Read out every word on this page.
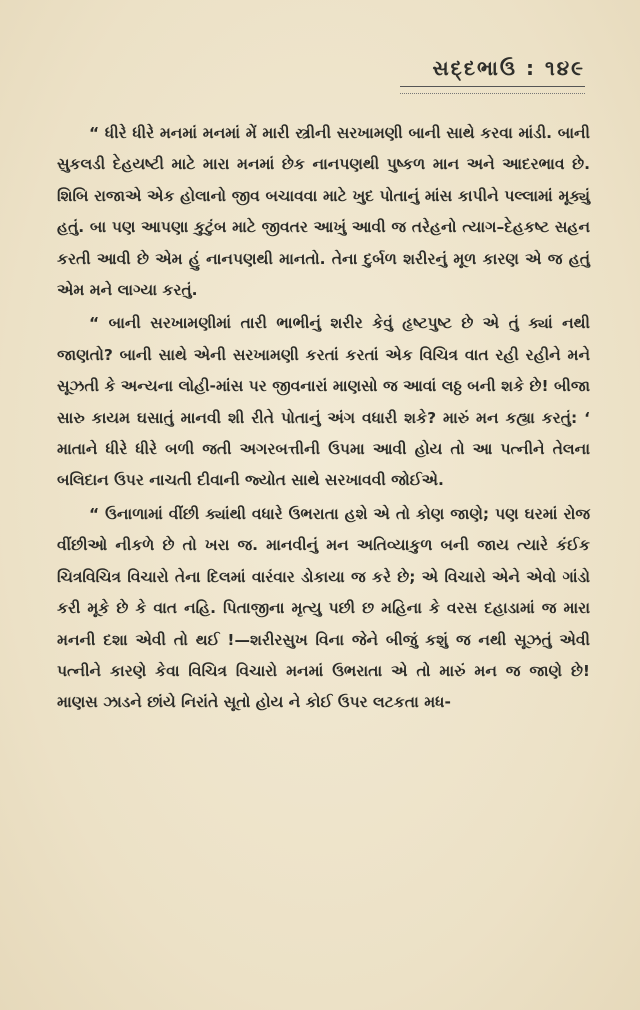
સદ્દભાઉ : ૧૪૯

“ ધીરે ધીરે મનમાં મનમાં મેં મારી સ્ત્રીની સરખામણી બાની સાથે કરવા માંડી. બાની સુકલડી દેહયષ્ટી માટે મારા મનમાં છેક નાનપણથી પુષ્કળ માન અને આદરભાવ છે. શિબિ રાજાએ એક હોલાનો જીવ બચાવવા માટે ખુદ પોતાનું માંસ કાપીને પલ્લામાં મૂક્યું હતું. બા પણ આપણા કુટુંબ માટે જીવતર આખું આવી જ તરેહનો ત્યાગ–દેહકષ્ટ સહન કરતી આવી છે એમ હું નાનપણથી માનતો. તેના દુર્બળ શરીરનું મૂળ કારણ એ જ હતું એમ મને લાગ્યા કરતું.

“ બાની સરખામણીમાં તારી ભાભીનું શરીર કેવું હૃષ્ટપુષ્ટ છે એ તું ક્યાં નથી જાણતો? બાની સાથે એની સરખામણી કરતાં કરતાં એક વિચિત્ર વાત રહી રહીને મને સૂઝતી કે અન્યના લોહી-માંસ પર જીવનારાં માણસો જ આવાં લઠ્ઠ બની શકે છે! બીજા સારુ કાયમ ઘસાતું માનવી શી રીતે પોતાનું અંગ વધારી શકે? મારું મન કહ્યા કરતું: ‘ માતાને ધીરે ધીરે બળી જતી અગરબત્તીની ઉપમા આવી હોય તો આ પત્નીને તેલના બલિદાન ઉપર નાચતી દીવાની જ્યોત સાથે સરખાવવી જોઈએ.

“ ઉનાળામાં વીંછી ક્યાંથી વધારે ઉભરાતા હશે એ તો કોણ જાણે; પણ ઘરમાં રોજ વીંછીઓ નીકળે છે તો ખરા જ. માનવીનું મન અતિવ્યાકુળ બની જાય ત્યારે કંઈક ચિત્રવિચિત્ર વિચારો તેના દિલમાં વારંવાર ડોકાયા જ કરે છે; એ વિચારો એને એવો ગાંડો કરી મૂકે છે કે વાત નહિ. પિતાજીના મૃત્યુ પછી છ મહિના કે વરસ દહાડામાં જ મારા મનની દશા એવી તો થઈ !—શરીરસુખ વિના જેને બીજું કશું જ નથી સૂઝતું એવી પત્નીને કારણે કેવા વિચિત્ર વિચારો મનમાં ઉભરાતા એ તો મારું મન જ જાણે છે! માણસ ઝાડને છાંયે નિરાંતે સૂતો હોય ને કોઈ ઉપર લટકતા મધ-
